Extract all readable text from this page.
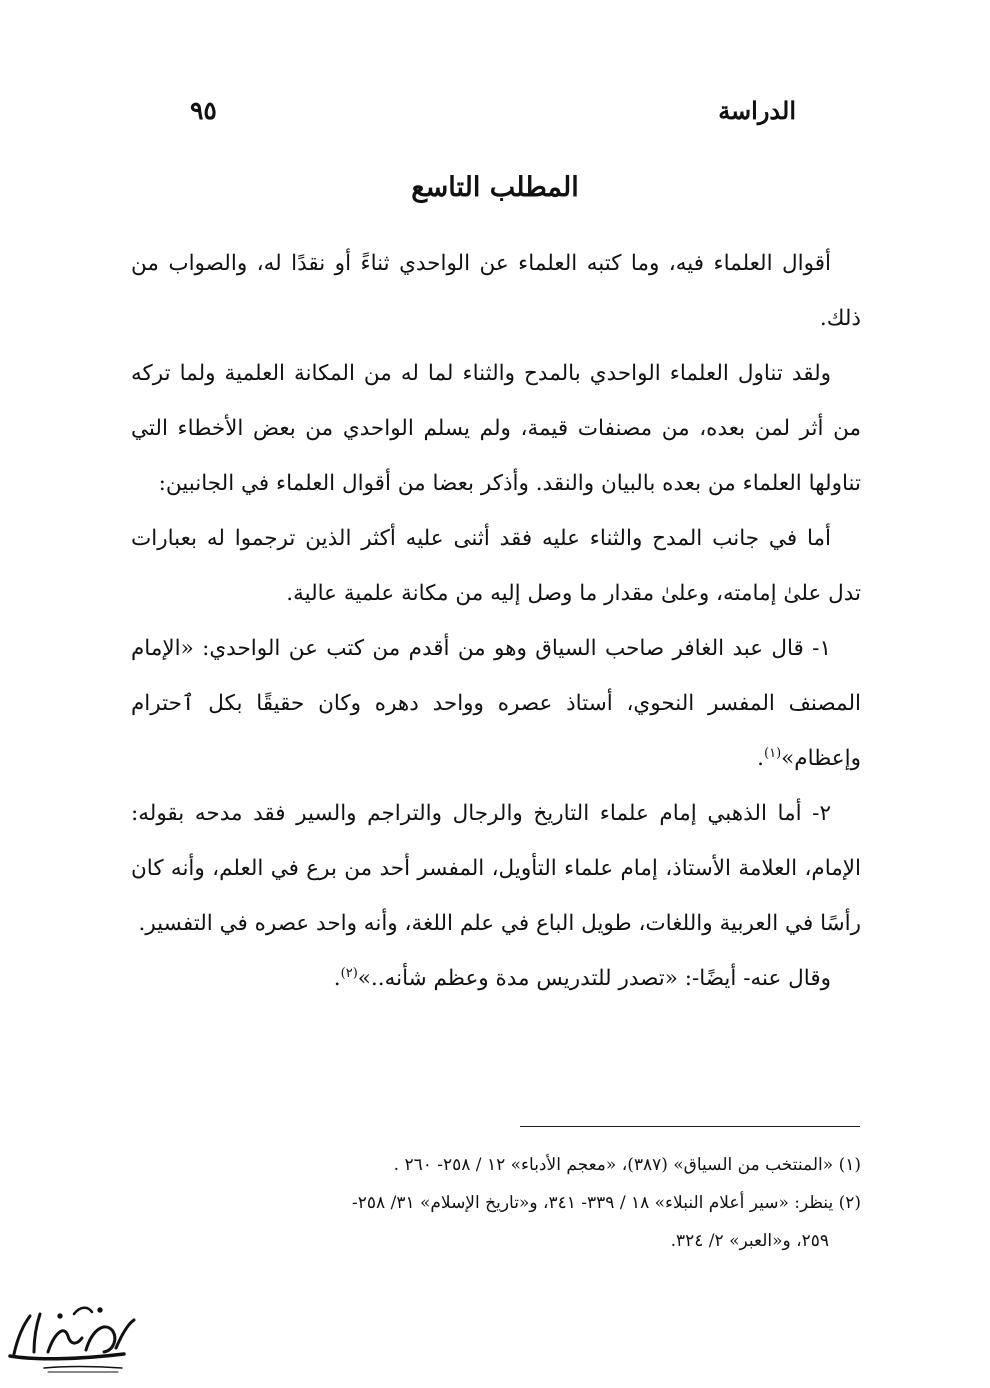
٩٥	الدراسة
المطلب التاسع

أقوال العلماء فيه، وما كتبه العلماء عن الواحدي ثناءً أو نقدًا له، والصواب من ذلك.

ولقد تناول العلماء الواحدي بالمدح والثناء لما له من المكانة العلمية ولما تركه من أثر لمن بعده، من مصنفات قيمة، ولم يسلم الواحدي من بعض الأخطاء التي تناولها العلماء من بعده بالبيان والنقد. وأذكر بعضا من أقوال العلماء في الجانبين:

أما في جانب المدح والثناء عليه فقد أثنى عليه أكثر الذين ترجموا له بعبارات تدل علىٰ إمامته، وعلىٰ مقدار ما وصل إليه من مكانة علمية عالية.

١- قال عبد الغافر صاحب السياق وهو من أقدم من كتب عن الواحدي: «الإمام المصنف المفسر النحوي، أستاذ عصره وواحد دهره وكان حقيقًا بكل ٱحترام وإعظام»$^{(١)}$.

٢- أما الذهبي إمام علماء التاريخ والرجال والتراجم والسير فقد مدحه بقوله: الإمام، العلامة الأستاذ، إمام علماء التأويل، المفسر أحد من برع في العلم، وأنه كان رأسًا في العربية واللغات، طويل الباع في علم اللغة، وأنه واحد عصره في التفسير.

وقال عنه- أيضًا-: «تصدر للتدريس مدة وعظم شأنه..»$^{(٢)}$.

(١) «المنتخب من السياق» (٣٨٧)، «معجم الأدباء» ١٢ / ٢٥٨- ٢٦٠ .

(٢) ينظر: «سير أعلام النبلاء» ١٨ / ٣٣٩- ٣٤١، و«تاريخ الإسلام» ٣١/ ٢٥٨-

٢٥٩، و«العبر» ٢/ ٣٢٤.
